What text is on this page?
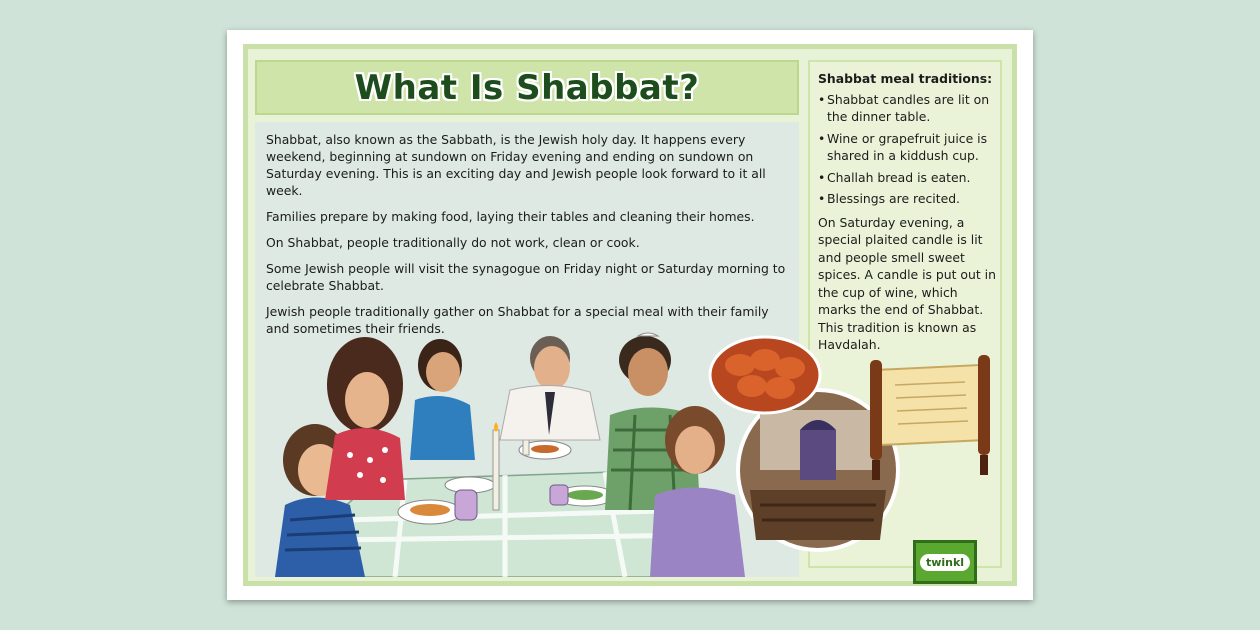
What Is Shabbat?

Shabbat, also known as the Sabbath, is the Jewish holy day. It happens every weekend, beginning at sundown on Friday evening and ending on sundown on Saturday evening. This is an exciting day and Jewish people look forward to it all week.

Families prepare by making food, laying their tables and cleaning their homes.

On Shabbat, people traditionally do not work, clean or cook.

Some Jewish people will visit the synagogue on Friday night or Saturday morning to celebrate Shabbat.

Jewish people traditionally gather on Shabbat for a special meal with their family and sometimes their friends.

Shabbat meal traditions:
• Shabbat candles are lit on the dinner table.
• Wine or grapefruit juice is shared in a kiddush cup.
• Challah bread is eaten.
• Blessings are recited.
On Saturday evening, a special plaited candle is lit and people smell sweet spices. A candle is put out in the cup of wine, which marks the end of Shabbat. This tradition is known as Havdalah.
twinkl
